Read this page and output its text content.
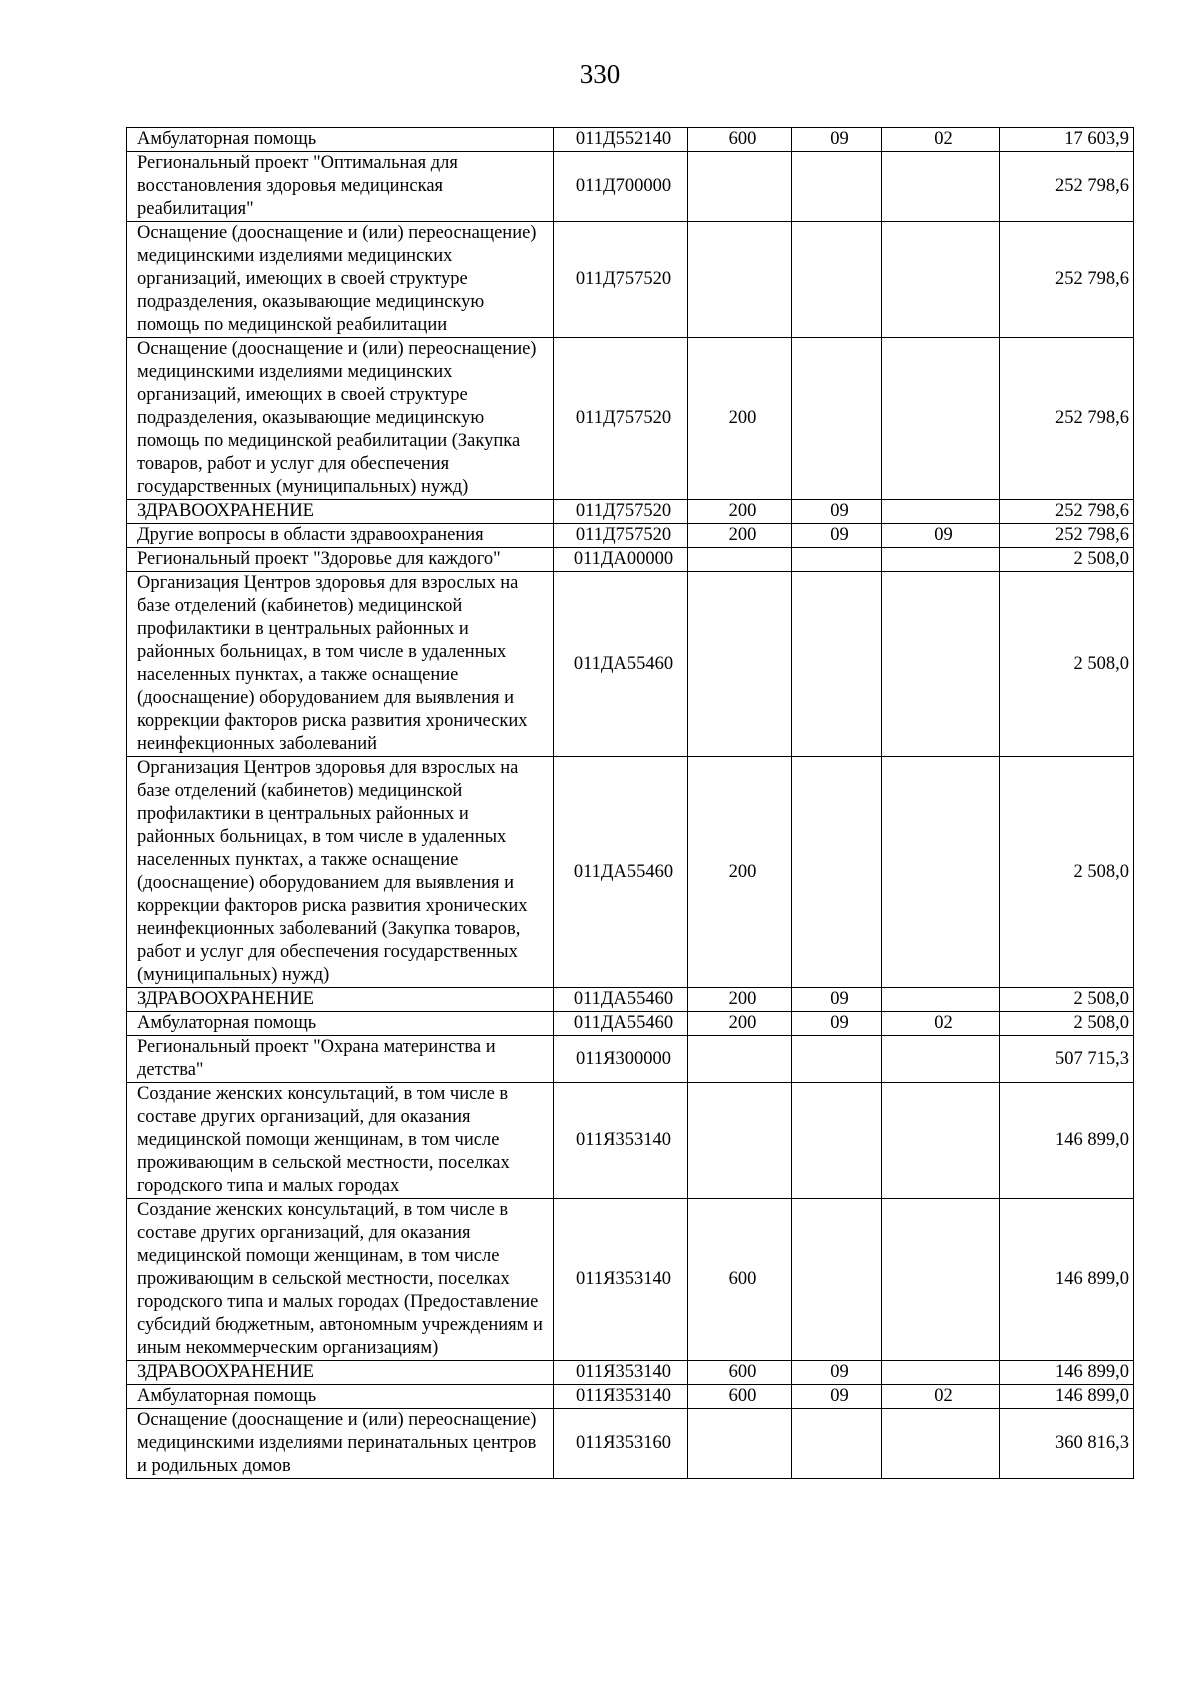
330
Амбулаторная помощь	011Д552140	600	09	02	17 603,9
Региональный проект "Оптимальная для восстановления здоровья медицинская реабилитация"	011Д700000				252 798,6
Оснащение (дооснащение и (или) переоснащение) медицинскими изделиями медицинских организаций, имеющих в своей структуре подразделения, оказывающие медицинскую помощь по медицинской реабилитации	011Д757520				252 798,6
Оснащение (дооснащение и (или) переоснащение) медицинскими изделиями медицинских организаций, имеющих в своей структуре подразделения, оказывающие медицинскую помощь по медицинской реабилитации (Закупка товаров, работ и услуг для обеспечения государственных (муниципальных) нужд)	011Д757520	200			252 798,6
ЗДРАВООХРАНЕНИЕ	011Д757520	200	09		252 798,6
Другие вопросы в области здравоохранения	011Д757520	200	09	09	252 798,6
Региональный проект "Здоровье для каждого"	011ДА00000				2 508,0
Организация Центров здоровья для взрослых на базе отделений (кабинетов) медицинской профилактики в центральных районных и районных больницах, в том числе в удаленных населенных пунктах, а также оснащение (дооснащение) оборудованием для выявления и коррекции факторов риска развития хронических неинфекционных заболеваний	011ДА55460				2 508,0
Организация Центров здоровья для взрослых на базе отделений (кабинетов) медицинской профилактики в центральных районных и районных больницах, в том числе в удаленных населенных пунктах, а также оснащение (дооснащение) оборудованием для выявления и коррекции факторов риска развития хронических неинфекционных заболеваний (Закупка товаров, работ и услуг для обеспечения государственных (муниципальных) нужд)	011ДА55460	200			2 508,0
ЗДРАВООХРАНЕНИЕ	011ДА55460	200	09		2 508,0
Амбулаторная помощь	011ДА55460	200	09	02	2 508,0
Региональный проект "Охрана материнства и детства"	011Я300000				507 715,3
Создание женских консультаций, в том числе в составе других организаций, для оказания медицинской помощи женщинам, в том числе проживающим в сельской местности, поселках городского типа и малых городах	011Я353140				146 899,0
Создание женских консультаций, в том числе в составе других организаций, для оказания медицинской помощи женщинам, в том числе проживающим в сельской местности, поселках городского типа и малых городах (Предоставление субсидий бюджетным, автономным учреждениям и иным некоммерческим организациям)	011Я353140	600			146 899,0
ЗДРАВООХРАНЕНИЕ	011Я353140	600	09		146 899,0
Амбулаторная помощь	011Я353140	600	09	02	146 899,0
Оснащение (дооснащение и (или) переоснащение) медицинскими изделиями перинатальных центров и родильных домов	011Я353160				360 816,3
